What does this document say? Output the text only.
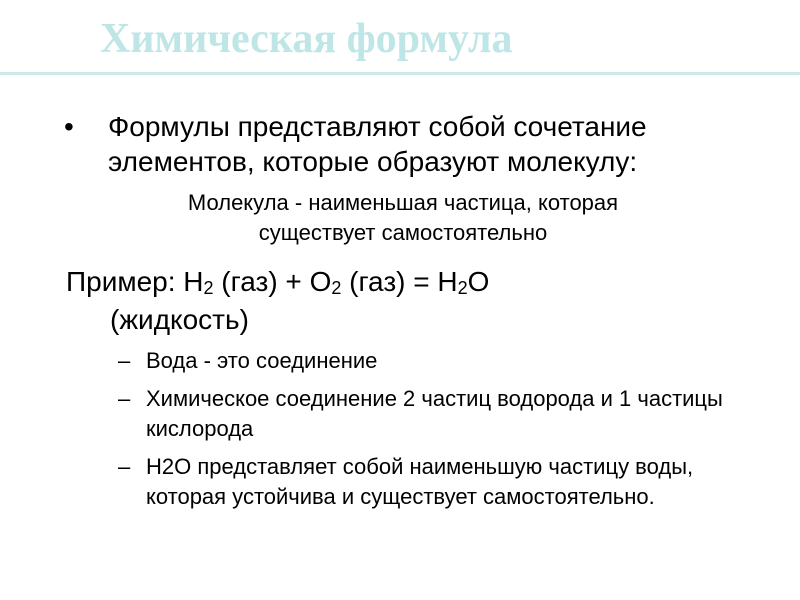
Химическая формула
•	Формулы представляют собой сочетание элементов, которые образуют молекулу:
Молекула - наименьшая частица, которая существует самостоятельно
Пример: $Н_2$ $(газ) + О_2$ $(газ) = Н_2О$
(жидкость)
– Вода - это соединение
– Химическое соединение 2 частиц водорода и 1 частицы кислорода
– H2O представляет собой наименьшую частицу воды, которая устойчива и существует самостоятельно.
